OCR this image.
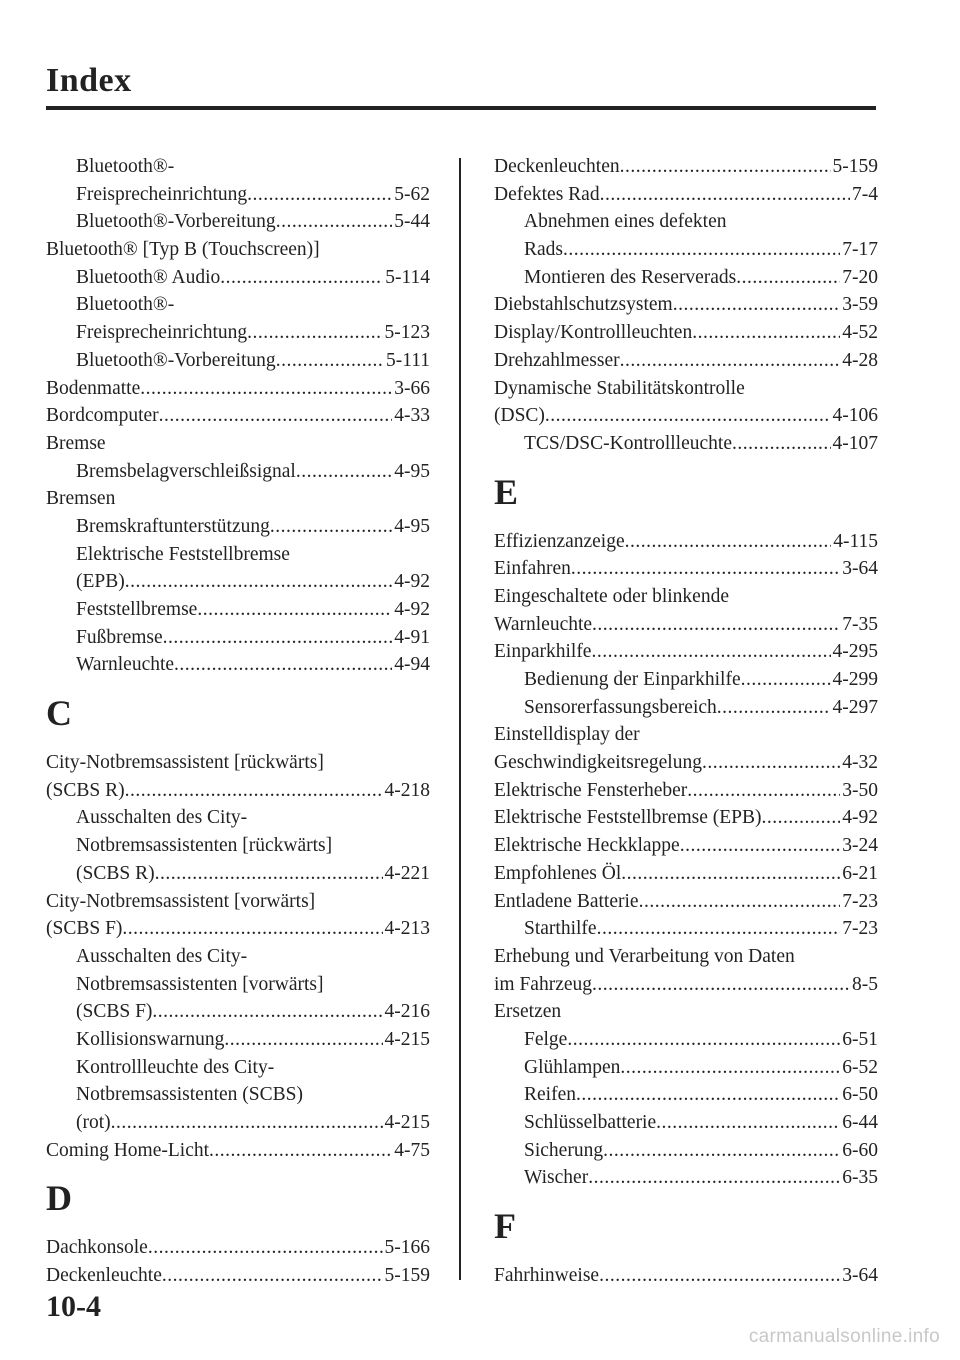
Index
Bluetooth®-
Freisprecheinrichtung .....	5-62
Bluetooth®-Vorbereitung .....	5-44
Bluetooth® [Typ B (Touchscreen)]
Bluetooth® Audio .....	5-114
Bluetooth®-
Freisprecheinrichtung .....	5-123
Bluetooth®-Vorbereitung .....	5-111
Bodenmatte .....	3-66
Bordcomputer .....	4-33
Bremse
Bremsbelagverschleißsignal .....	4-95
Bremsen
Bremskraftunterstützung .....	4-95
Elektrische Feststellbremse
(EPB) .....	4-92
Feststellbremse .....	4-92
Fußbremse .....	4-91
Warnleuchte .....	4-94
C
City-Notbremsassistent [rückwärts]
(SCBS R) .....	4-218
Ausschalten des City-
Notbremsassistenten [rückwärts]
(SCBS R) .....	4-221
City-Notbremsassistent [vorwärts]
(SCBS F) .....	4-213
Ausschalten des City-
Notbremsassistenten [vorwärts]
(SCBS F) .....	4-216
Kollisionswarnung .....	4-215
Kontrollleuchte des City-
Notbremsassistenten (SCBS)
(rot) .....	4-215
Coming Home-Licht .....	4-75
D
Dachkonsole .....	5-166
Deckenleuchte .....	5-159
Deckenleuchten .....	5-159
Defektes Rad .....	7-4
Abnehmen eines defekten
Rads .....	7-17
Montieren des Reserverads .....	7-20
Diebstahlschutzsystem .....	3-59
Display/Kontrollleuchten .....	4-52
Drehzahlmesser .....	4-28
Dynamische Stabilitätskontrolle
(DSC) .....	4-106
TCS/DSC-Kontrollleuchte .....	4-107
E
Effizienzanzeige .....	4-115
Einfahren .....	3-64
Eingeschaltete oder blinkende
Warnleuchte .....	7-35
Einparkhilfe .....	4-295
Bedienung der Einparkhilfe .....	4-299
Sensorerfassungsbereich .....	4-297
Einstelldisplay der
Geschwindigkeitsregelung .....	4-32
Elektrische Fensterheber .....	3-50
Elektrische Feststellbremse (EPB) .....	4-92
Elektrische Heckklappe .....	3-24
Empfohlenes Öl .....	6-21
Entladene Batterie .....	7-23
Starthilfe .....	7-23
Erhebung und Verarbeitung von Daten
im Fahrzeug .....	8-5
Ersetzen
Felge .....	6-51
Glühlampen .....	6-52
Reifen .....	6-50
Schlüsselbatterie .....	6-44
Sicherung .....	6-60
Wischer .....	6-35
F
Fahrhinweise .....	3-64
10-4
carmanualsonline.info
